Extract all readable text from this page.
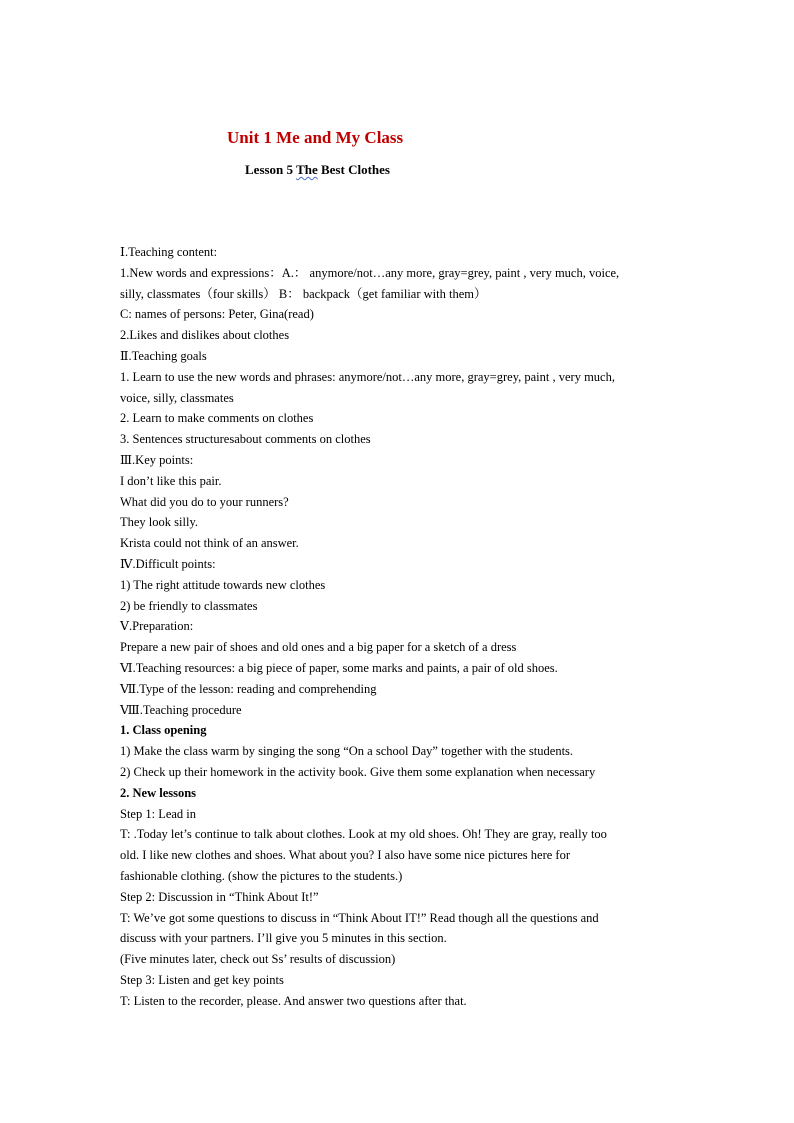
Unit 1 Me and My Class
Lesson 5 The Best Clothes
Ⅰ.Teaching content:
1.New words and expressions：A.： anymore/not…any more, gray=grey, paint , very much, voice,
silly, classmates（four skills） B： backpack（get familiar with them）
C: names of persons: Peter, Gina(read)
2.Likes and dislikes about clothes
Ⅱ.Teaching goals
1. Learn to use the new words and phrases: anymore/not…any more, gray=grey, paint , very much,
voice, silly, classmates
2. Learn to make comments on clothes
3. Sentences structuresabout comments on clothes
Ⅲ.Key points:
I don’t like this pair.
What did you do to your runners?
They look silly.
Krista could not think of an answer.
Ⅳ.Difficult points:
1) The right attitude towards new clothes
2) be friendly to classmates
Ⅴ.Preparation:
Prepare a new pair of shoes and old ones and a big paper for a sketch of a dress
Ⅵ.Teaching resources: a big piece of paper, some marks and paints, a pair of old shoes.
Ⅶ.Type of the lesson: reading and comprehending
Ⅷ.Teaching procedure
1. Class opening
1) Make the class warm by singing the song “On a school Day” together with the students.
2) Check up their homework in the activity book. Give them some explanation when necessary
2. New lessons
Step 1: Lead in
T: .Today let’s continue to talk about clothes. Look at my old shoes. Oh! They are gray, really too
old. I like new clothes and shoes. What about you? I also have some nice pictures here for
fashionable clothing. (show the pictures to the students.)
Step 2: Discussion in “Think About It!”
T: We’ve got some questions to discuss in “Think About IT!” Read though all the questions and
discuss with your partners. I’ll give you 5 minutes in this section.
(Five minutes later, check out Ss’ results of discussion)
Step 3: Listen and get key points
T: Listen to the recorder, please. And answer two questions after that.
